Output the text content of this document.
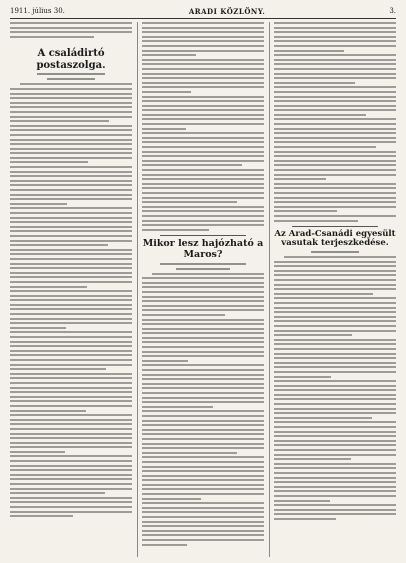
1911. július 30.	ARADI KÖZLÖNY.	3.
A családirtó postaszolga.
Mikor lesz hajózható a Maros?
Az Arad-Csanádi egyesült vasutak terjeszkedése.
